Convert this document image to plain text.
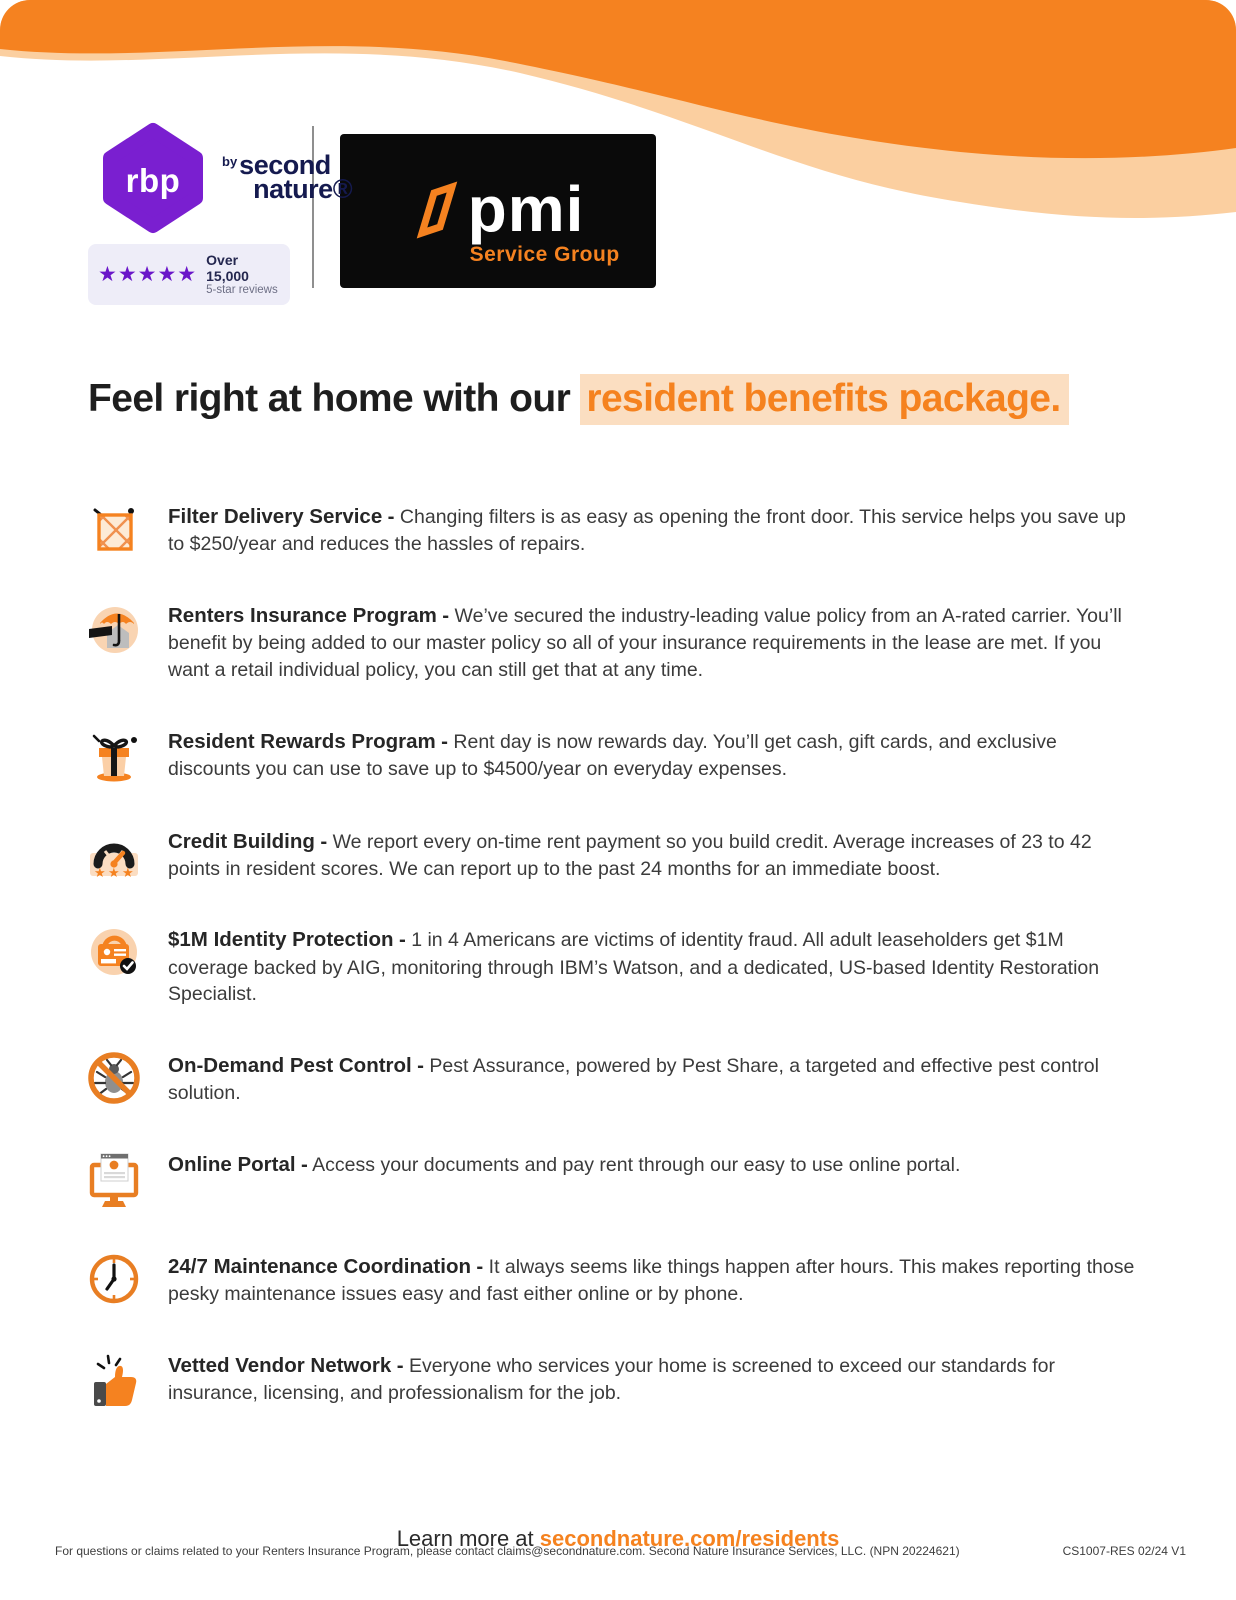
rbp
$^{by}$second
nature®
★★★★★
Over 15,000
5-star reviews
pmi
Service Group
Feel right at home with our resident benefits package.

Filter Delivery Service - Changing filters is as easy as opening the front door. This service helps you save up to $250/year and reduces the hassles of repairs.

Renters Insurance Program - We’ve secured the industry-leading value policy from an A-rated carrier. You’ll benefit by being added to our master policy so all of your insurance requirements in the lease are met. If you want a retail individual policy, you can still get that at any time.

Resident Rewards Program - Rent day is now rewards day. You’ll get cash, gift cards, and exclusive discounts you can use to save up to $4500/year on everyday expenses.

★ ★ ★

Credit Building - We report every on-time rent payment so you build credit. Average increases of 23 to 42 points in resident scores. We can report up to the past 24 months for an immediate boost.

$1M Identity Protection - 1 in 4 Americans are victims of identity fraud. All adult leaseholders get $1M coverage backed by AIG, monitoring through IBM’s Watson, and a dedicated, US-based Identity Restoration Specialist.

On-Demand Pest Control - Pest Assurance, powered by Pest Share, a targeted and effective pest control solution.

Online Portal - Access your documents and pay rent through our easy to use online portal.

24/7 Maintenance Coordination - It always seems like things happen after hours. This makes reporting those pesky maintenance issues easy and fast either online or by phone.

Vetted Vendor Network - Everyone who services your home is screened to exceed our standards for insurance, licensing, and professionalism for the job.

Learn more at secondnature.com/residents
For questions or claims related to your Renters Insurance Program, please contact claims@secondnature.com. Second Nature Insurance Services, LLC. (NPN 20224621)	CS1007-RES 02/24 V1
